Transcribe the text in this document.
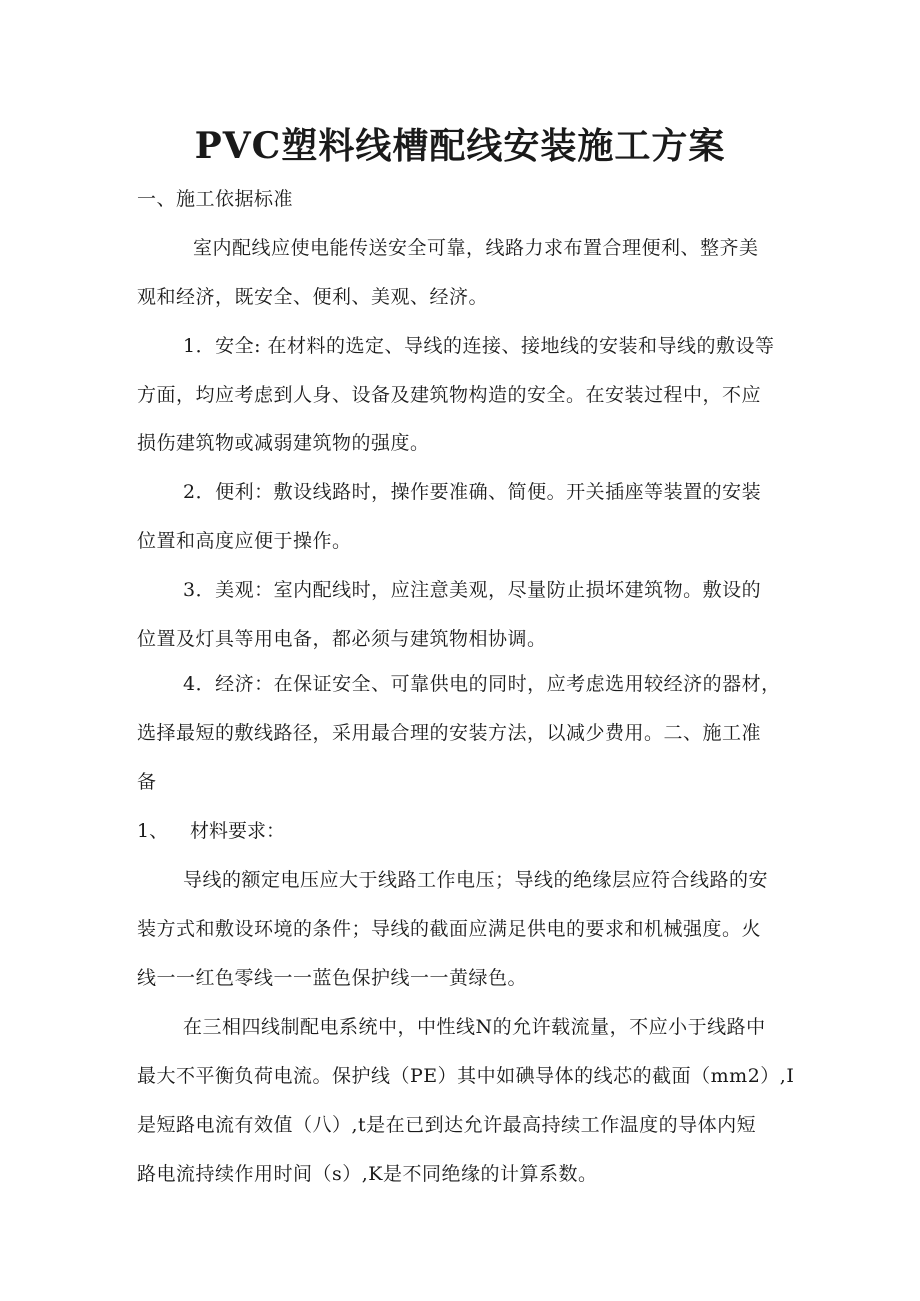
PVC塑料线槽配线安装施工方案
一、施工依据标准
室内配线应使电能传送安全可靠，线路力求布置合理便利、整齐美
观和经济，既安全、便利、美观、经济。
1．安全: 在材料的选定、导线的连接、接地线的安装和导线的敷设等
方面，均应考虑到人身、设备及建筑物构造的安全。在安装过程中，不应
损伤建筑物或减弱建筑物的强度。
2．便利：敷设线路时，操作要准确、简便。开关插座等装置的安装
位置和高度应便于操作。
3．美观：室内配线时，应注意美观，尽量防止损坏建筑物。敷设的
位置及灯具等用电备，都必须与建筑物相协调。
4．经济：在保证安全、可靠供电的同时，应考虑选用较经济的器材，
选择最短的敷线路径，采用最合理的安装方法，以减少费用。二、施工准
备
1、 材料要求：
导线的额定电压应大于线路工作电压；导线的绝缘层应符合线路的安
装方式和敷设环境的条件；导线的截面应满足供电的要求和机械强度。火
线一一红色零线一一蓝色保护线一一黄绿色。
在三相四线制配电系统中，中性线N的允许载流量，不应小于线路中
最大不平衡负荷电流。保护线（PE）其中如碘导体的线芯的截面（mm2）,I
是短路电流有效值（八）,t是在已到达允许最高持续工作温度的导体内短
路电流持续作用时间（s）,K是不同绝缘的计算系数。
